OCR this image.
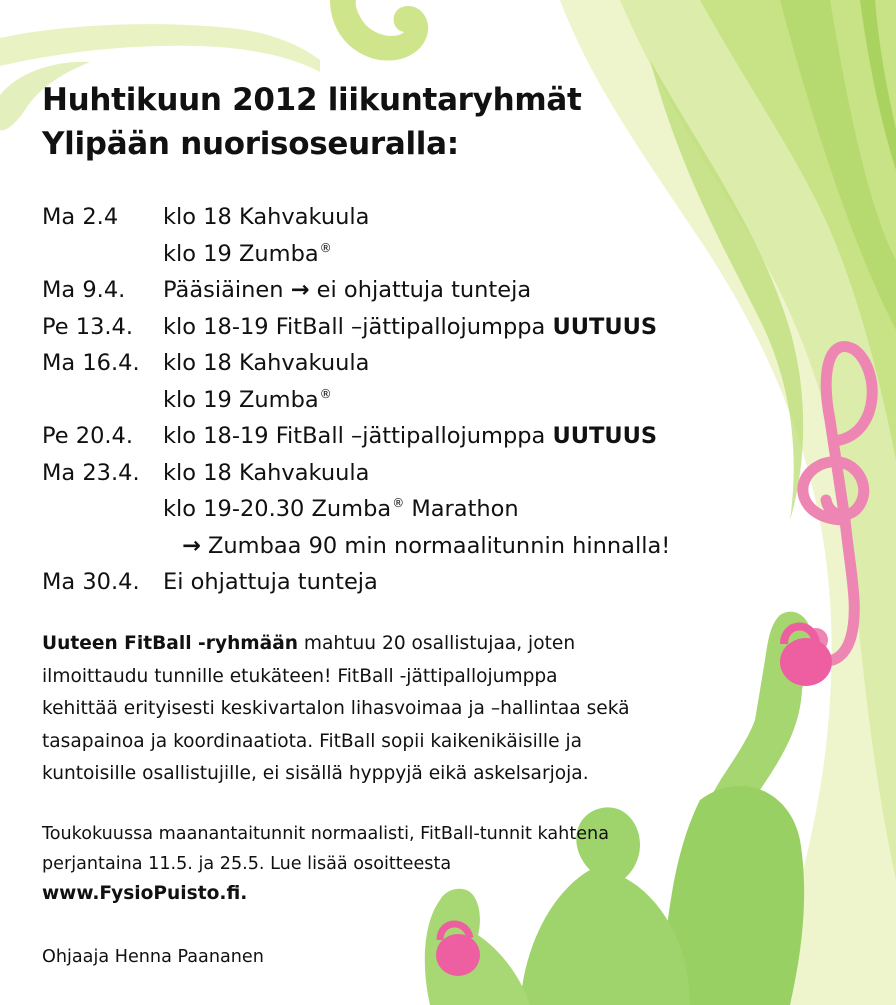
Huhtikuun 2012 liikuntaryhmät
Ylipään nuorisoseuralla:
Ma 2.4 klo 18 Kahvakuula
klo 19 Zumba®
Ma 9.4. Pääsiäinen → ei ohjattuja tunteja
Pe 13.4. klo 18-19 FitBall –jättipallojumppa UUTUUS
Ma 16.4. klo 18 Kahvakuula
klo 19 Zumba®
Pe 20.4. klo 18-19 FitBall –jättipallojumppa UUTUUS
Ma 23.4. klo 18 Kahvakuula
klo 19-20.30 Zumba® Marathon
→ Zumbaa 90 min normaalitunnin hinnalla!
Ma 30.4. Ei ohjattuja tunteja
Uuteen FitBall -ryhmään mahtuu 20 osallistujaa, joten
ilmoittaudu tunnille etukäteen! FitBall -jättipallojumppa
kehittää erityisesti keskivartalon lihasvoimaa ja –hallintaa sekä
tasapainoa ja koordinaatiota. FitBall sopii kaikenikäisille ja
kuntoisille osallistujille, ei sisällä hyppyjä eikä askelsarjoja.
Toukokuussa maanantaitunnit normaalisti, FitBall-tunnit kahtena
perjantaina 11.5. ja 25.5. Lue lisää osoitteesta
www.FysioPuisto.fi.
Ohjaaja Henna Paananen
